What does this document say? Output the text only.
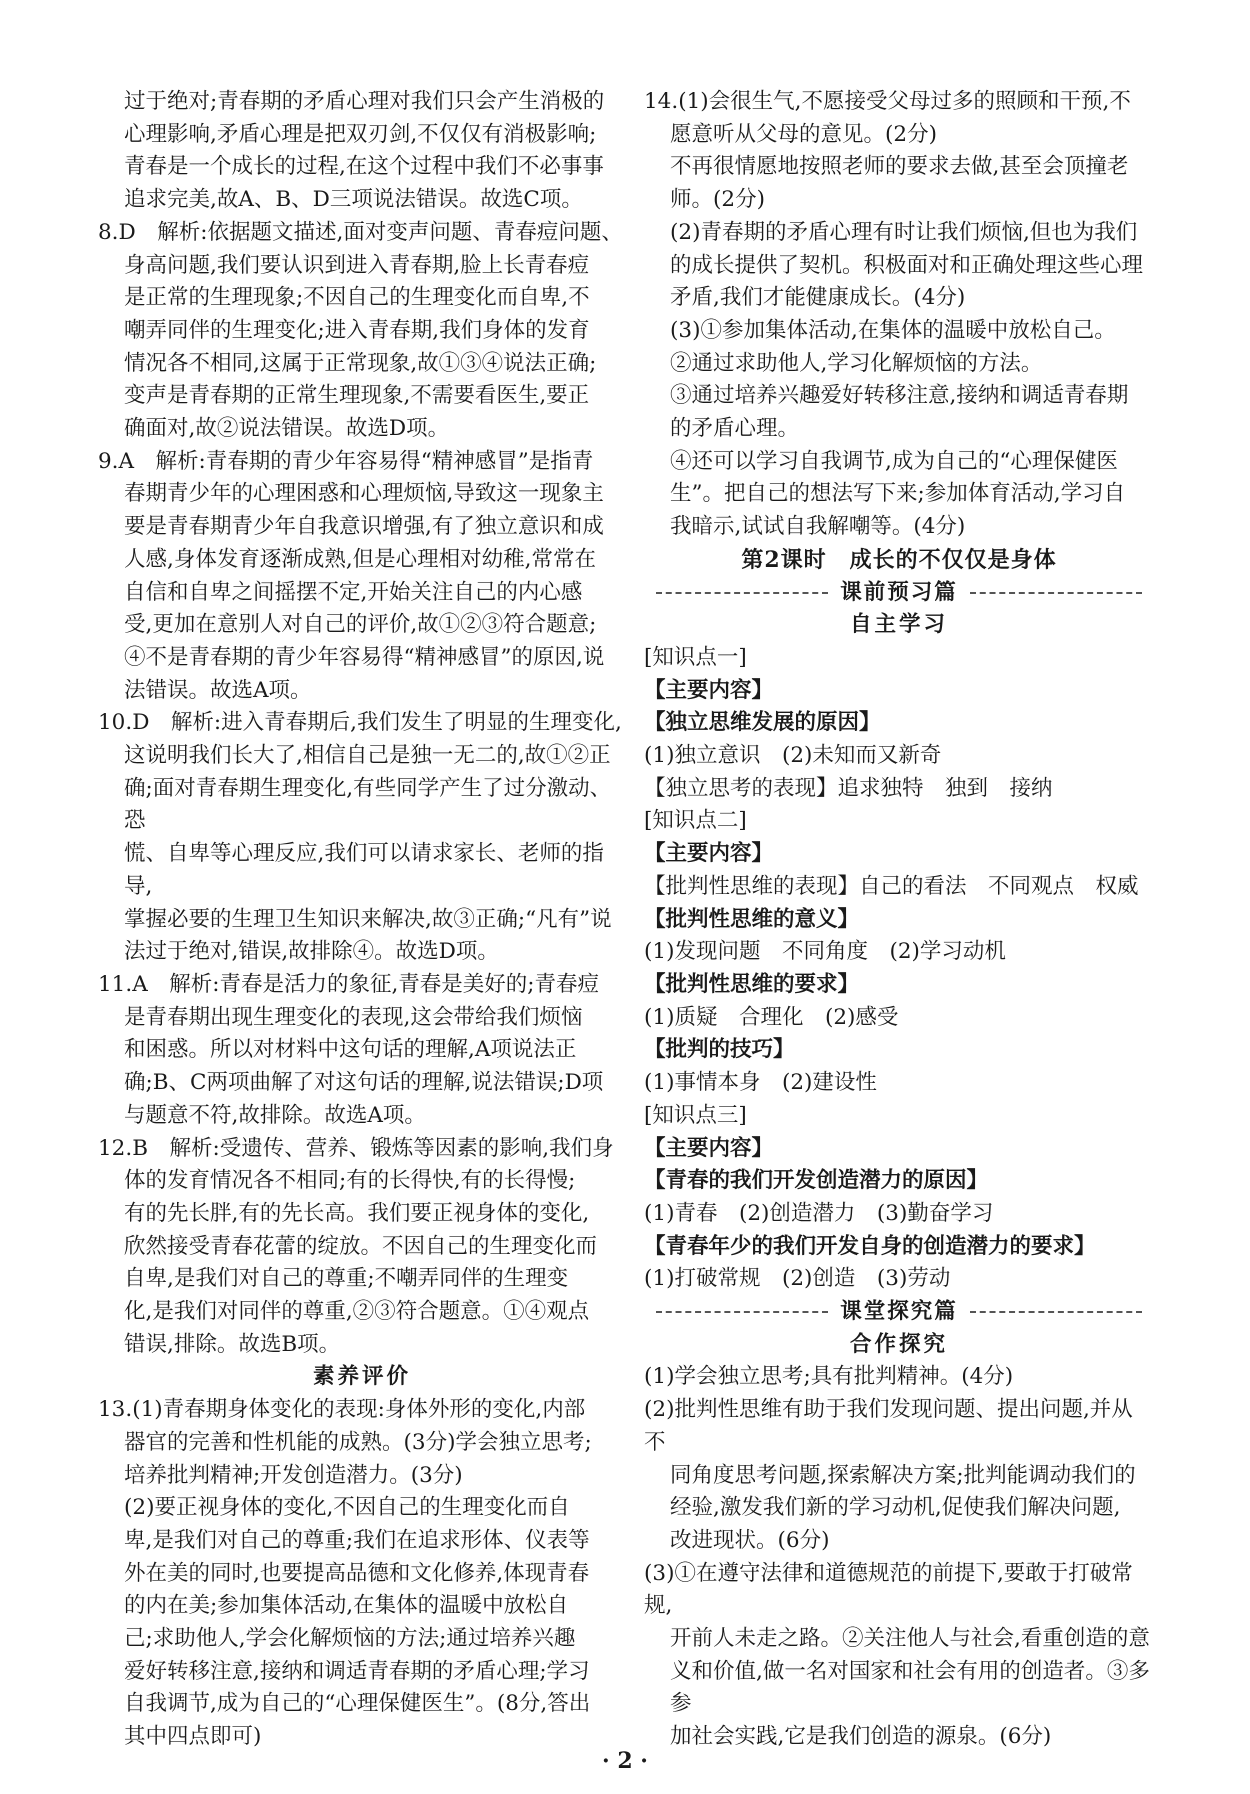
过于绝对;青春期的矛盾心理对我们只会产生消极的
心理影响,矛盾心理是把双刃剑,不仅仅有消极影响;
青春是一个成长的过程,在这个过程中我们不必事事
追求完美,故A、B、D三项说法错误。故选C项。
8.D　解析:依据题文描述,面对变声问题、青春痘问题、
身高问题,我们要认识到进入青春期,脸上长青春痘
是正常的生理现象;不因自己的生理变化而自卑,不
嘲弄同伴的生理变化;进入青春期,我们身体的发育
情况各不相同,这属于正常现象,故①③④说法正确;
变声是青春期的正常生理现象,不需要看医生,要正
确面对,故②说法错误。故选D项。
9.A　解析:青春期的青少年容易得“精神感冒”是指青
春期青少年的心理困惑和心理烦恼,导致这一现象主
要是青春期青少年自我意识增强,有了独立意识和成
人感,身体发育逐渐成熟,但是心理相对幼稚,常常在
自信和自卑之间摇摆不定,开始关注自己的内心感
受,更加在意别人对自己的评价,故①②③符合题意;
④不是青春期的青少年容易得“精神感冒”的原因,说
法错误。故选A项。
10.D　解析:进入青春期后,我们发生了明显的生理变化,
这说明我们长大了,相信自己是独一无二的,故①②正
确;面对青春期生理变化,有些同学产生了过分激动、恐
慌、自卑等心理反应,我们可以请求家长、老师的指导,
掌握必要的生理卫生知识来解决,故③正确;“凡有”说
法过于绝对,错误,故排除④。故选D项。
11.A　解析:青春是活力的象征,青春是美好的;青春痘
是青春期出现生理变化的表现,这会带给我们烦恼
和困惑。所以对材料中这句话的理解,A项说法正
确;B、C两项曲解了对这句话的理解,说法错误;D项
与题意不符,故排除。故选A项。
12.B　解析:受遗传、营养、锻炼等因素的影响,我们身
体的发育情况各不相同;有的长得快,有的长得慢;
有的先长胖,有的先长高。我们要正视身体的变化,
欣然接受青春花蕾的绽放。不因自己的生理变化而
自卑,是我们对自己的尊重;不嘲弄同伴的生理变
化,是我们对同伴的尊重,②③符合题意。①④观点
错误,排除。故选B项。
素养评价
13.(1)青春期身体变化的表现:身体外形的变化,内部
器官的完善和性机能的成熟。(3分)学会独立思考;
培养批判精神;开发创造潜力。(3分)
(2)要正视身体的变化,不因自己的生理变化而自
卑,是我们对自己的尊重;我们在追求形体、仪表等
外在美的同时,也要提高品德和文化修养,体现青春
的内在美;参加集体活动,在集体的温暖中放松自
己;求助他人,学会化解烦恼的方法;通过培养兴趣
爱好转移注意,接纳和调适青春期的矛盾心理;学习
自我调节,成为自己的“心理保健医生”。(8分,答出
其中四点即可)
14.(1)会很生气,不愿接受父母过多的照顾和干预,不
愿意听从父母的意见。(2分)
不再很情愿地按照老师的要求去做,甚至会顶撞老
师。(2分)
(2)青春期的矛盾心理有时让我们烦恼,但也为我们
的成长提供了契机。积极面对和正确处理这些心理
矛盾,我们才能健康成长。(4分)
(3)①参加集体活动,在集体的温暖中放松自己。
②通过求助他人,学习化解烦恼的方法。
③通过培养兴趣爱好转移注意,接纳和调适青春期
的矛盾心理。
④还可以学习自我调节,成为自己的“心理保健医
生”。把自己的想法写下来;参加体育活动,学习自
我暗示,试试自我解嘲等。(4分)
第2课时　成长的不仅仅是身体
课前预习篇
自主学习
[知识点一]
【主要内容】
【独立思维发展的原因】
(1)独立意识　(2)未知而又新奇
【独立思考的表现】追求独特　独到　接纳
[知识点二]
【主要内容】
【批判性思维的表现】自己的看法　不同观点　权威
【批判性思维的意义】
(1)发现问题　不同角度　(2)学习动机
【批判性思维的要求】
(1)质疑　合理化　(2)感受
【批判的技巧】
(1)事情本身　(2)建设性
[知识点三]
【主要内容】
【青春的我们开发创造潜力的原因】
(1)青春　(2)创造潜力　(3)勤奋学习
【青春年少的我们开发自身的创造潜力的要求】
(1)打破常规　(2)创造　(3)劳动
课堂探究篇
合作探究
(1)学会独立思考;具有批判精神。(4分)
(2)批判性思维有助于我们发现问题、提出问题,并从不
同角度思考问题,探索解决方案;批判能调动我们的
经验,激发我们新的学习动机,促使我们解决问题,
改进现状。(6分)
(3)①在遵守法律和道德规范的前提下,要敢于打破常规,
开前人未走之路。②关注他人与社会,看重创造的意
义和价值,做一名对国家和社会有用的创造者。③多参
加社会实践,它是我们创造的源泉。(6分)
· 2 ·
